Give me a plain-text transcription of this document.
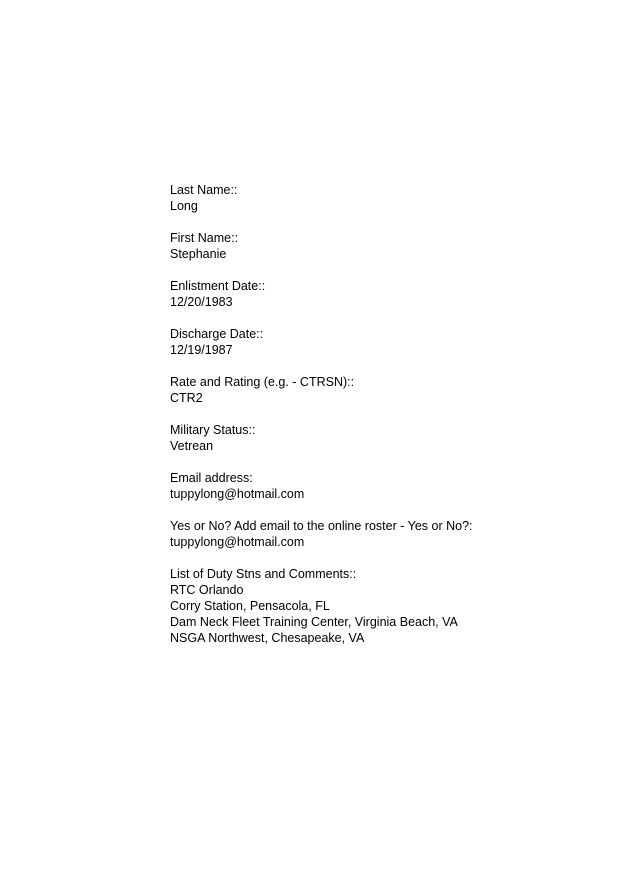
Last Name::
Long
First Name::
Stephanie
Enlistment Date::
12/20/1983
Discharge Date::
12/19/1987
Rate and Rating (e.g. - CTRSN)::
CTR2
Military Status::
Vetrean
Email address:
tuppylong@hotmail.com
Yes or No? Add email to the online roster - Yes or No?:
tuppylong@hotmail.com
List of Duty Stns and Comments::
RTC Orlando
Corry Station, Pensacola, FL
Dam Neck Fleet Training Center, Virginia Beach, VA
NSGA Northwest, Chesapeake, VA
